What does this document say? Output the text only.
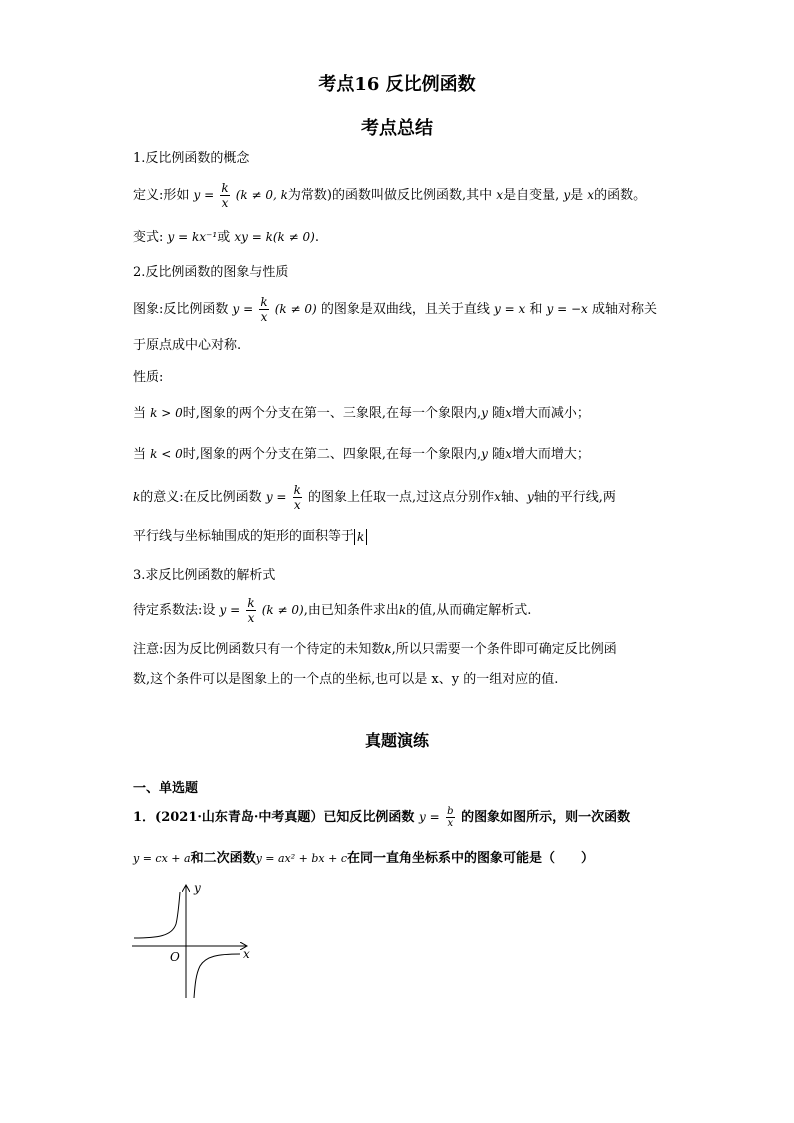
考点16 反比例函数
考点总结
1.反比例函数的概念
定义:形如 $y = \frac{k}{x} (k \ne 0$, k为常数)的函数叫做反比例函数,其中 x是自变量, y是 x的函数。
变式: y = kx⁻¹或 xy = k(k ≠ 0).
2.反比例函数的图象与性质
图象:反比例函数 $y = \frac{k}{x} (k \ne 0)$ 的图象是双曲线，且关于直线 y = x 和 y = −x 成轴对称关
于原点成中心对称.
性质:
当 k > 0时,图象的两个分支在第一、三象限,在每一个象限内,y 随x增大而减小；
当 k < 0时,图象的两个分支在第二、四象限,在每一个象限内,y 随x增大而增大；
k的意义:在反比例函数 $y = \frac{k}{x}$ 的图象上任取一点,过这点分别作x轴、y轴的平行线,两
平行线与坐标轴围成的矩形的面积等于 k
3.求反比例函数的解析式
待定系数法:设 $y = \frac{k}{x} (k \ne 0)$,由已知条件求出k的值,从而确定解析式.
注意:因为反比例函数只有一个待定的未知数k,所以只需要一个条件即可确定反比例函
数,这个条件可以是图象上的一个点的坐标,也可以是 x、y 的一组对应的值.
真题演练
一、单选题
1．(2021·山东青岛·中考真题）已知反比例函数 $y = \frac{b}{x}$ 的图象如图所示，则一次函数
y = cx + a和二次函数y = ax² + bx + c在同一直角坐标系中的图象可能是（　　）
y
x
O
